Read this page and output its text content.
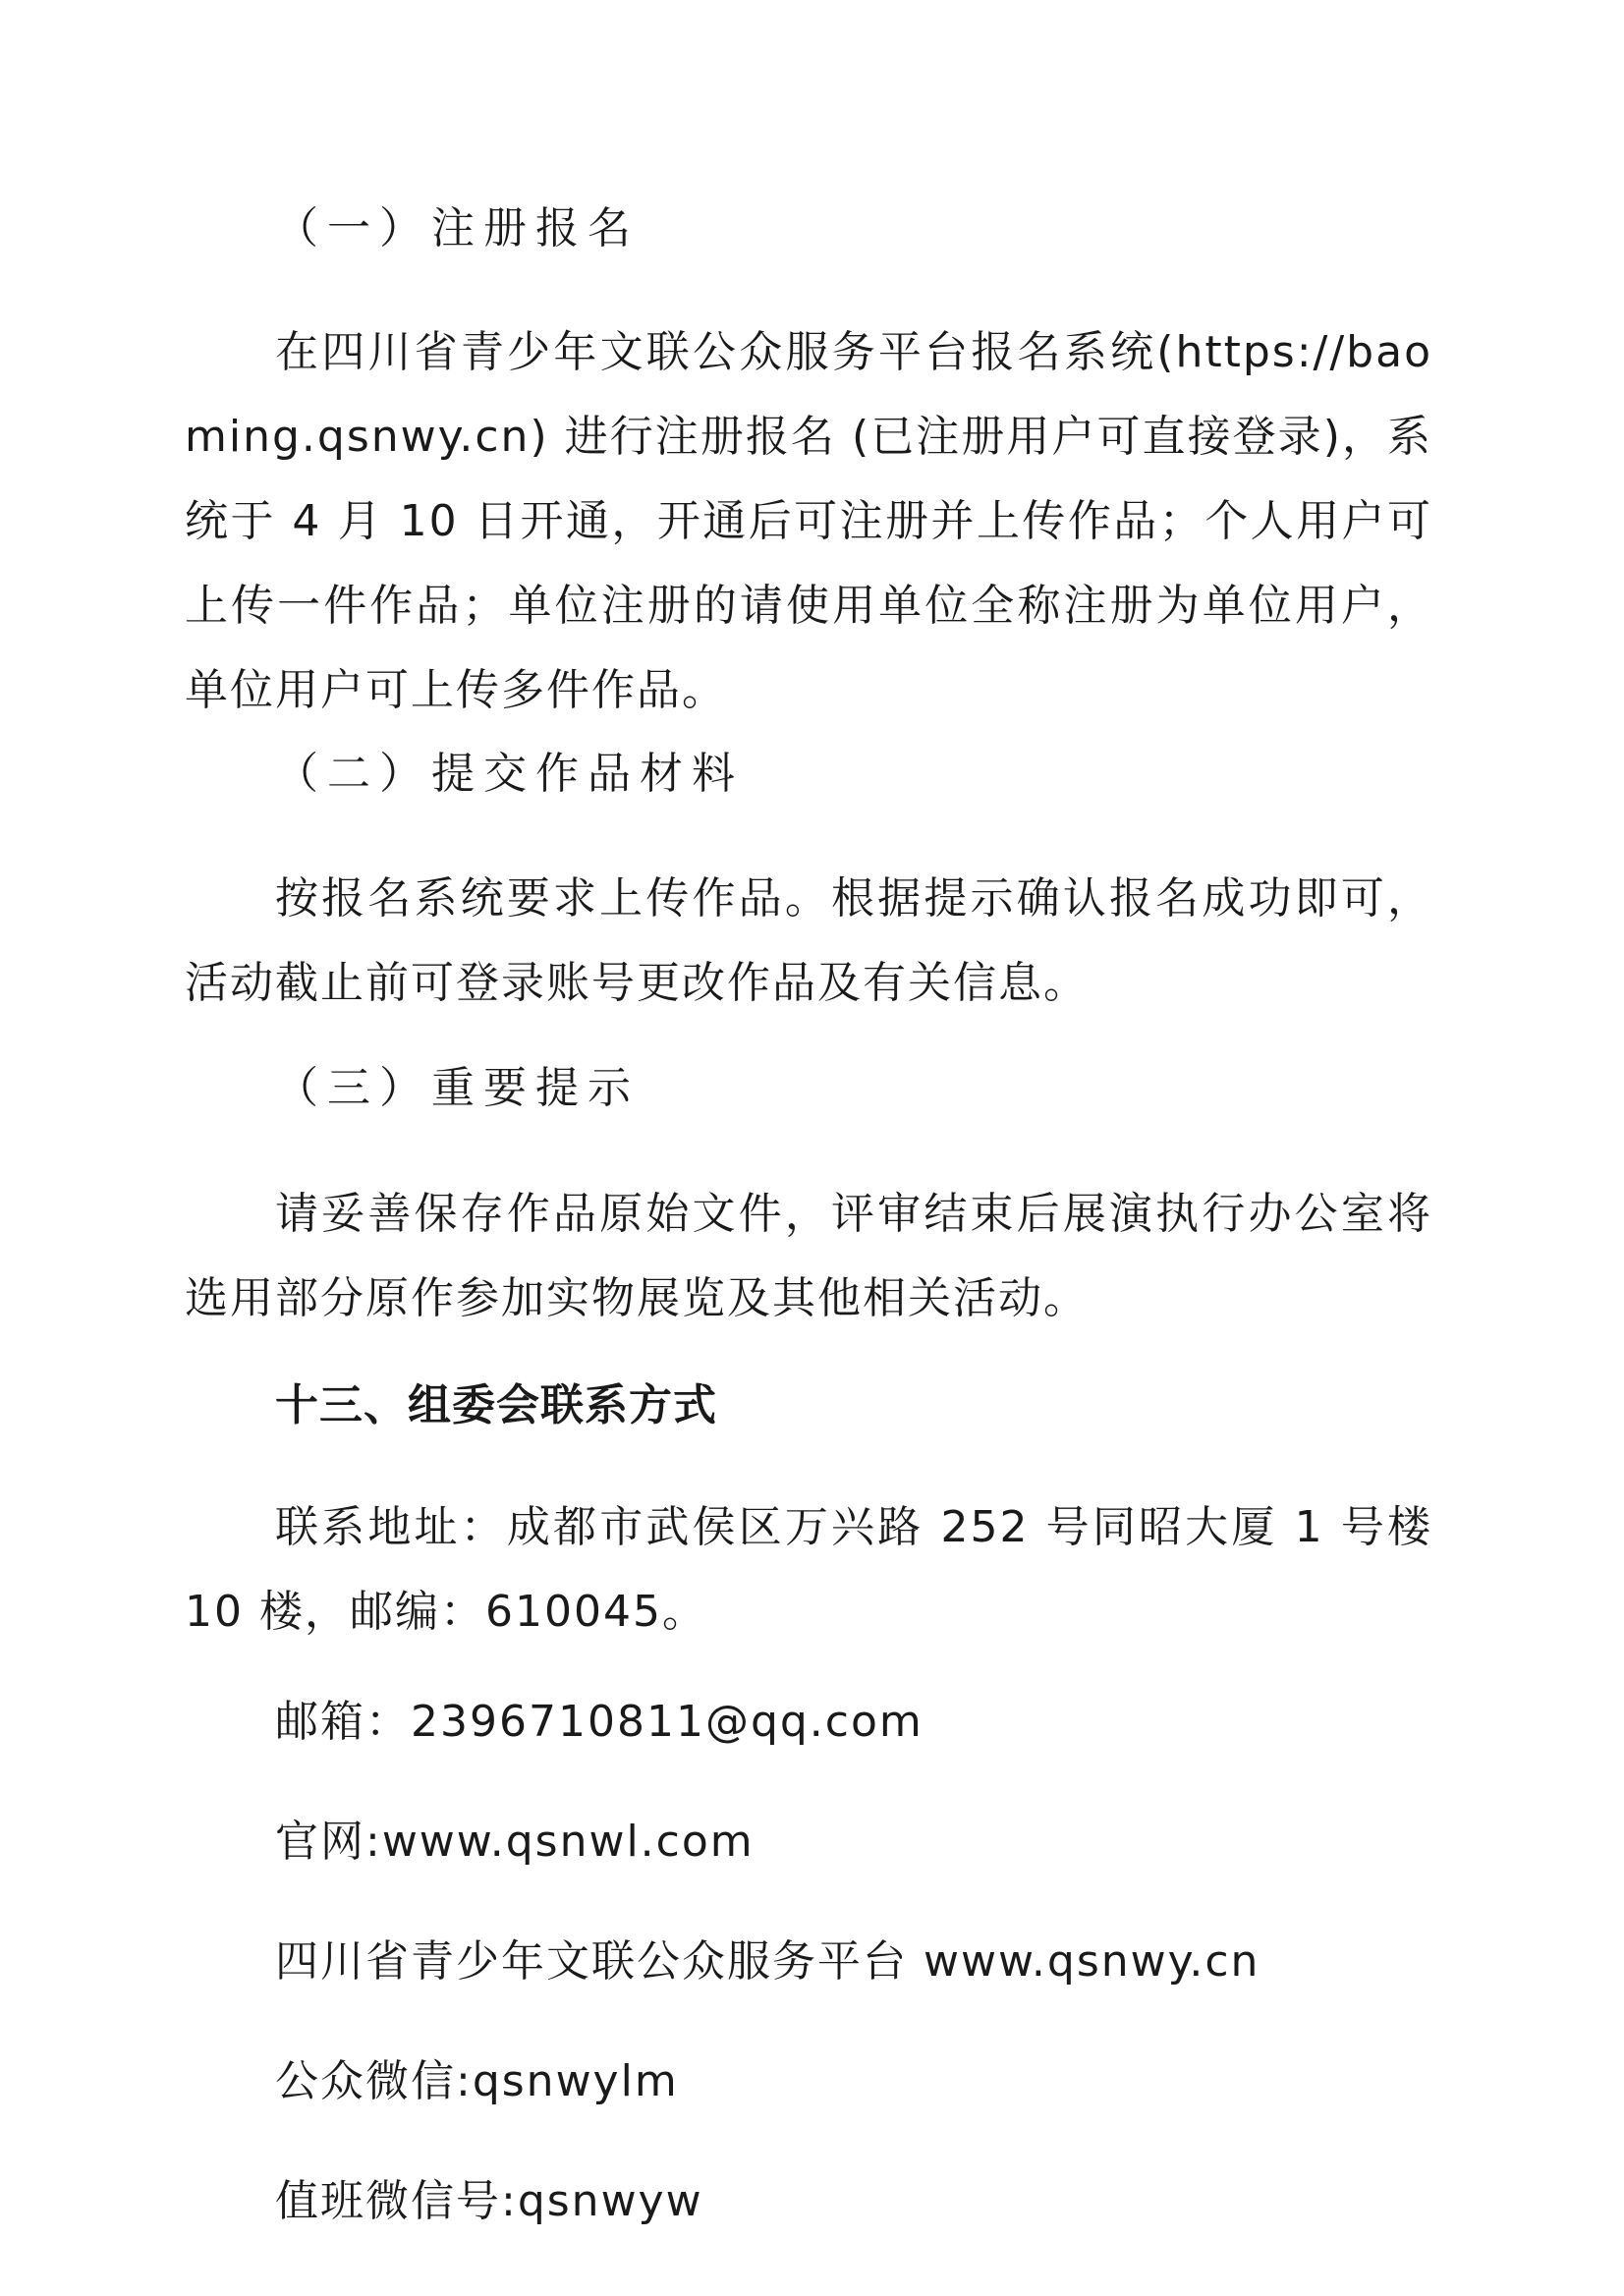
（一）注册报名
在四川省青少年文联公众服务平台报名系统(https://baoming.qsnwy.cn) 进行注册报名 (已注册用户可直接登录)，系统于 4 月 10 日开通，开通后可注册并上传作品；个人用户可上传一件作品；单位注册的请使用单位全称注册为单位用户，单位用户可上传多件作品。
（二）提交作品材料
按报名系统要求上传作品。根据提示确认报名成功即可，活动截止前可登录账号更改作品及有关信息。
（三）重要提示
请妥善保存作品原始文件，评审结束后展演执行办公室将选用部分原作参加实物展览及其他相关活动。
十三、组委会联系方式
联系地址：成都市武侯区万兴路 252 号同昭大厦 1 号楼 10 楼，邮编：610045。
邮箱：2396710811@qq.com
官网:www.qsnwl.com
四川省青少年文联公众服务平台 www.qsnwy.cn
公众微信:qsnwylm
值班微信号:qsnwyw
